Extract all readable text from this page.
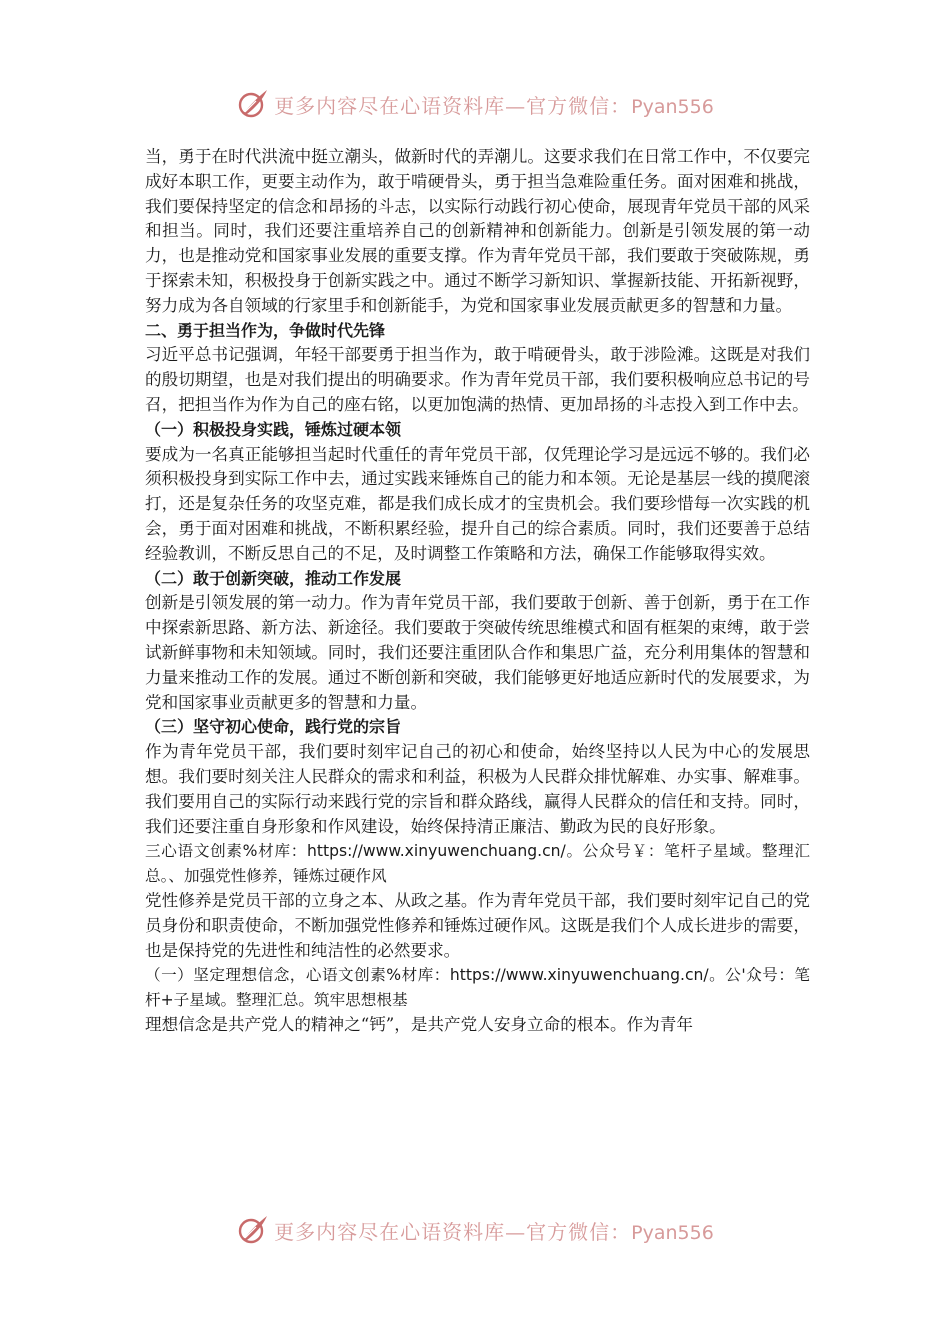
更多内容尽在心语资料库—官方微信：Pyan556

当，勇于在时代洪流中挺立潮头，做新时代的弄潮儿。这要求我们在日常工作中，不仅要完成好本职工作，更要主动作为，敢于啃硬骨头，勇于担当急难险重任务。面对困难和挑战，我们要保持坚定的信念和昂扬的斗志，以实际行动践行初心使命，展现青年党员干部的风采和担当。同时，我们还要注重培养自己的创新精神和创新能力。创新是引领发展的第一动力，也是推动党和国家事业发展的重要支撑。作为青年党员干部，我们要敢于突破陈规，勇于探索未知，积极投身于创新实践之中。通过不断学习新知识、掌握新技能、开拓新视野，努力成为各自领域的行家里手和创新能手，为党和国家事业发展贡献更多的智慧和力量。

二、勇于担当作为，争做时代先锋

习近平总书记强调，年轻干部要勇于担当作为，敢于啃硬骨头，敢于涉险滩。这既是对我们的殷切期望，也是对我们提出的明确要求。作为青年党员干部，我们要积极响应总书记的号召，把担当作为作为自己的座右铭，以更加饱满的热情、更加昂扬的斗志投入到工作中去。

（一）积极投身实践，锤炼过硬本领

要成为一名真正能够担当起时代重任的青年党员干部，仅凭理论学习是远远不够的。我们必须积极投身到实际工作中去，通过实践来锤炼自己的能力和本领。无论是基层一线的摸爬滚打，还是复杂任务的攻坚克难，都是我们成长成才的宝贵机会。我们要珍惜每一次实践的机会，勇于面对困难和挑战，不断积累经验，提升自己的综合素质。同时，我们还要善于总结经验教训，不断反思自己的不足，及时调整工作策略和方法，确保工作能够取得实效。

（二）敢于创新突破，推动工作发展

创新是引领发展的第一动力。作为青年党员干部，我们要敢于创新、善于创新，勇于在工作中探索新思路、新方法、新途径。我们要敢于突破传统思维模式和固有框架的束缚，敢于尝试新鲜事物和未知领域。同时，我们还要注重团队合作和集思广益，充分利用集体的智慧和力量来推动工作的发展。通过不断创新和突破，我们能够更好地适应新时代的发展要求，为党和国家事业贡献更多的智慧和力量。

（三）坚守初心使命，践行党的宗旨

作为青年党员干部，我们要时刻牢记自己的初心和使命，始终坚持以人民为中心的发展思想。我们要时刻关注人民群众的需求和利益，积极为人民群众排忧解难、办实事、解难事。我们要用自己的实际行动来践行党的宗旨和群众路线，赢得人民群众的信任和支持。同时，我们还要注重自身形象和作风建设，始终保持清正廉洁、勤政为民的良好形象。

三心语文创素%材库：https://www.xinyuwenchuang.cn/。公众号￥：笔杆子星域。整理汇总。、加强党性修养，锤炼过硬作风

党性修养是党员干部的立身之本、从政之基。作为青年党员干部，我们要时刻牢记自己的党员身份和职责使命，不断加强党性修养和锤炼过硬作风。这既是我们个人成长进步的需要，也是保持党的先进性和纯洁性的必然要求。

（一）坚定理想信念，心语文创素%材库：https://www.xinyuwenchuang.cn/。公'众号：笔杆+子星域。整理汇总。筑牢思想根基

理想信念是共产党人的精神之“钙”，是共产党人安身立命的根本。作为青年

更多内容尽在心语资料库—官方微信：Pyan556
